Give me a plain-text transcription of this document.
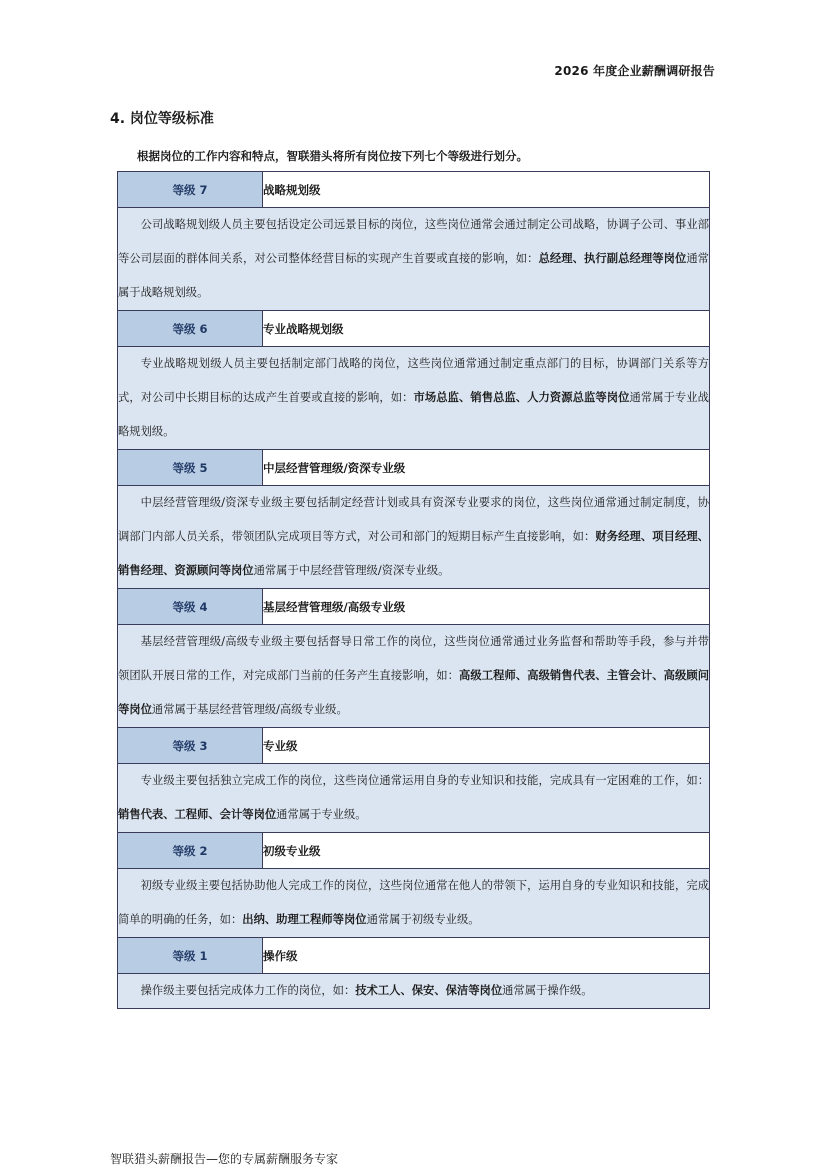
2026 年度企业薪酬调研报告
4. 岗位等级标准
根据岗位的工作内容和特点，智联猎头将所有岗位按下列七个等级进行划分。
等级 7	战略规划级

公司战略规划级人员主要包括设定公司远景目标的岗位，这些岗位通常会通过制定公司战略，协调子公司、事业部等公司层面的群体间关系，对公司整体经营目标的实现产生首要或直接的影响，如：总经理、执行副总经理等岗位通常属于战略规划级。	

等级 6	专业战略规划级

专业战略规划级人员主要包括制定部门战略的岗位，这些岗位通常通过制定重点部门的目标，协调部门关系等方式，对公司中长期目标的达成产生首要或直接的影响，如：市场总监、销售总监、人力资源总监等岗位通常属于专业战略规划级。	

等级 5	中层经营管理级/资深专业级

中层经营管理级/资深专业级主要包括制定经营计划或具有资深专业要求的岗位，这些岗位通常通过制定制度，协调部门内部人员关系，带领团队完成项目等方式，对公司和部门的短期目标产生直接影响，如：财务经理、项目经理、销售经理、资源顾问等岗位通常属于中层经营管理级/资深专业级。	

等级 4	基层经营管理级/高级专业级

基层经营管理级/高级专业级主要包括督导日常工作的岗位，这些岗位通常通过业务监督和帮助等手段，参与并带领团队开展日常的工作，对完成部门当前的任务产生直接影响，如：高级工程师、高级销售代表、主管会计、高级顾问等岗位通常属于基层经营管理级/高级专业级。	

等级 3	专业级

专业级主要包括独立完成工作的岗位，这些岗位通常运用自身的专业知识和技能，完成具有一定困难的工作，如：销售代表、工程师、会计等岗位通常属于专业级。	

等级 2	初级专业级

初级专业级主要包括协助他人完成工作的岗位，这些岗位通常在他人的带领下，运用自身的专业知识和技能，完成简单的明确的任务，如：出纳、助理工程师等岗位通常属于初级专业级。	

等级 1	操作级

操作级主要包括完成体力工作的岗位，如：技术工人、保安、保洁等岗位通常属于操作级。	
智联猎头薪酬报告—您的专属薪酬服务专家
